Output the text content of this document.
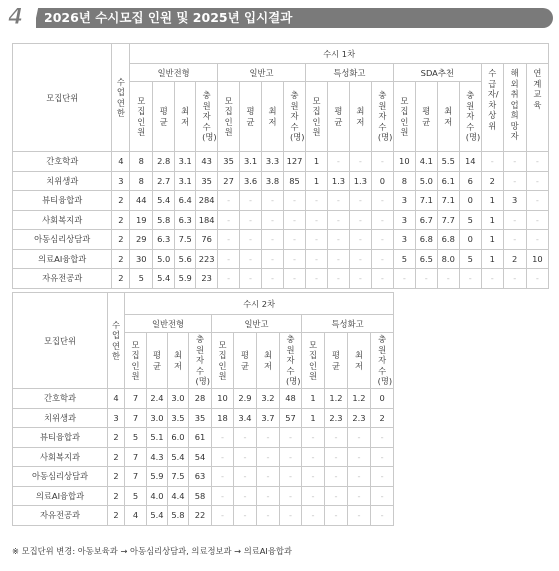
4	2026년 수시모집 인원 및 2025년 입시결과
모집단위	수업연한	수시 1차																		
		일반전형				일반고				특성화고				SDA추천				수급자/차상위	해외취업희망자	연계교육
		모집인원	평균	최저	충원자수(명)	모집인원	평균	최저	충원자수(명)	모집인원	평균	최저	충원자수(명)	모집인원	평균	최저	충원자수(명)			
간호학과	4	8	2.8	3.1	43	35	3.1	3.3	127	1	-	-	-	10	4.1	5.5	14	-	-	-
치위생과	3	8	2.7	3.1	35	27	3.6	3.8	85	1	1.3	1.3	0	8	5.0	6.1	6	2	-	-
뷰티융합과	2	44	5.4	6.4	284	-	-	-	-	-	-	-	-	3	7.1	7.1	0	1	3	-
사회복지과	2	19	5.8	6.3	184	-	-	-	-	-	-	-	-	3	6.7	7.7	5	1	-	-
아동심리상담과	2	29	6.3	7.5	76	-	-	-	-	-	-	-	-	3	6.8	6.8	0	1	-	-
의료AI융합과	2	30	5.0	5.6	223	-	-	-	-	-	-	-	-	5	6.5	8.0	5	1	2	10
자유전공과	2	5	5.4	5.9	23	-	-	-	-	-	-	-	-	-	-	-	-	-	-	-
모집단위	수업연한	수시 2차											
		일반전형				일반고				특성화고			
		모집인원	평균	최저	충원자수(명)	모집인원	평균	최저	충원자수(명)	모집인원	평균	최저	충원자수(명)
간호학과	4	7	2.4	3.0	28	10	2.9	3.2	48	1	1.2	1.2	0
치위생과	3	7	3.0	3.5	35	18	3.4	3.7	57	1	2.3	2.3	2
뷰티융합과	2	5	5.1	6.0	61	-	-	-	-	-	-	-	-
사회복지과	2	7	4.3	5.4	54	-	-	-	-	-	-	-	-
아동심리상담과	2	7	5.9	7.5	63	-	-	-	-	-	-	-	-
의료AI융합과	2	5	4.0	4.4	58	-	-	-	-	-	-	-	-
자유전공과	2	4	5.4	5.8	22	-	-	-	-	-	-	-	-
※ 모집단위 변경: 아동보육과 → 아동심리상담과, 의료정보과 → 의료AI융합과
